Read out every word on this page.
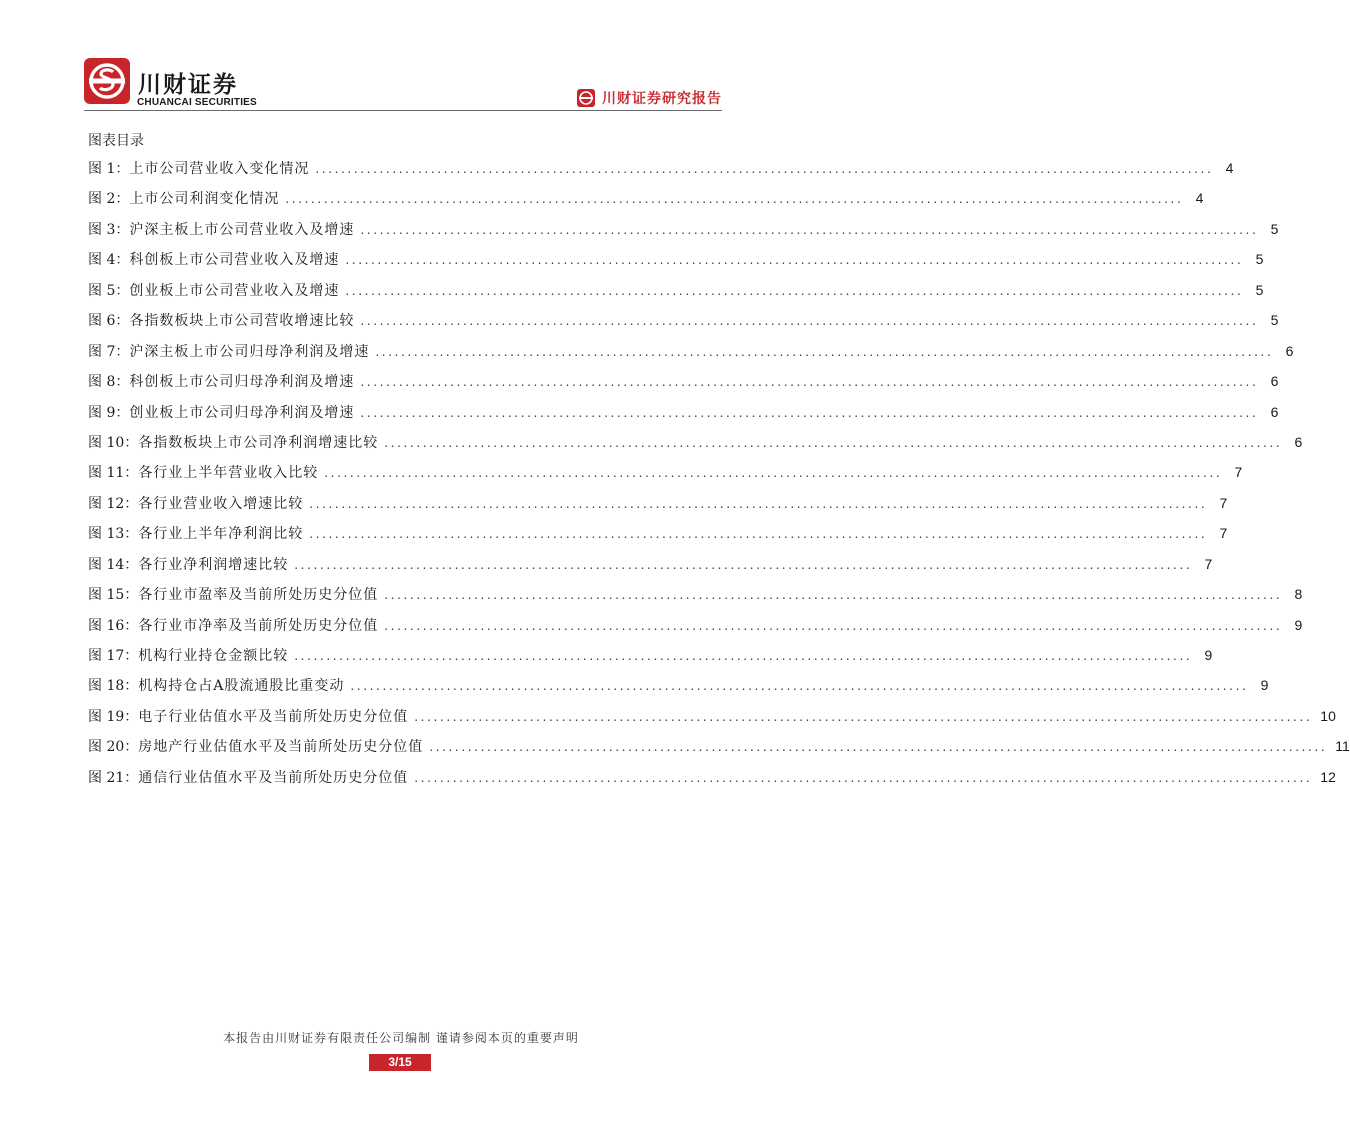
川财证券
CHUANCAI SECURITIES	川财证券研究报告
图表目录
图 1： 上市公司营业收入变化情况 ............................................................................................................................................ 4
图 2： 上市公司利润变化情况 ............................................................................................................................................ 4
图 3： 沪深主板上市公司营业收入及增速 ............................................................................................................................................ 5
图 4： 科创板上市公司营业收入及增速 ............................................................................................................................................ 5
图 5： 创业板上市公司营业收入及增速 ............................................................................................................................................ 5
图 6： 各指数板块上市公司营收增速比较 ............................................................................................................................................ 5
图 7： 沪深主板上市公司归母净利润及增速 ............................................................................................................................................ 6
图 8： 科创板上市公司归母净利润及增速 ............................................................................................................................................ 6
图 9： 创业板上市公司归母净利润及增速 ............................................................................................................................................ 6
图 10： 各指数板块上市公司净利润增速比较 ............................................................................................................................................ 6
图 11： 各行业上半年营业收入比较 ............................................................................................................................................ 7
图 12： 各行业营业收入增速比较 ............................................................................................................................................ 7
图 13： 各行业上半年净利润比较 ............................................................................................................................................ 7
图 14： 各行业净利润增速比较 ............................................................................................................................................ 7
图 15： 各行业市盈率及当前所处历史分位值 ............................................................................................................................................ 8
图 16： 各行业市净率及当前所处历史分位值 ............................................................................................................................................ 9
图 17： 机构行业持仓金额比较 ............................................................................................................................................ 9
图 18： 机构持仓占A股流通股比重变动 ............................................................................................................................................ 9
图 19： 电子行业估值水平及当前所处历史分位值 ............................................................................................................................................ 10
图 20： 房地产行业估值水平及当前所处历史分位值 ............................................................................................................................................ 11
图 21： 通信行业估值水平及当前所处历史分位值 ............................................................................................................................................ 12
本报告由川财证券有限责任公司编制 谨请参阅本页的重要声明
3/15
